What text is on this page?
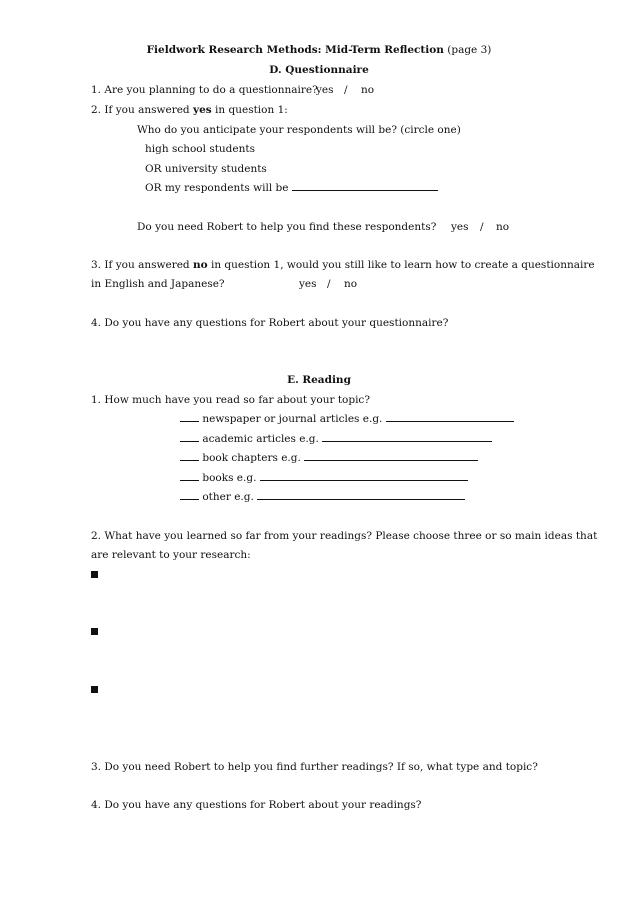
Fieldwork Research Methods: Mid-Term Reflection (page 3)
D. Questionnaire
1. Are you planning to do a questionnaire?
yes / no
2. If you answered yes in question 1:
Who do you anticipate your respondents will be? (circle one)
high school students
OR university students
OR my respondents will be
Do you need Robert to help you find these respondents? yes / no
3. If you answered no in question 1, would you still like to learn how to create a questionnaire
in English and Japanese?	yes / no
4. Do you have any questions for Robert about your questionnaire?
E. Reading
1. How much have you read so far about your topic?
newspaper or journal articles e.g.
academic articles e.g.
book chapters e.g.
books e.g.
other e.g.
2. What have you learned so far from your readings? Please choose three or so main ideas that
are relevant to your research:
3. Do you need Robert to help you find further readings? If so, what type and topic?
4. Do you have any questions for Robert about your readings?
